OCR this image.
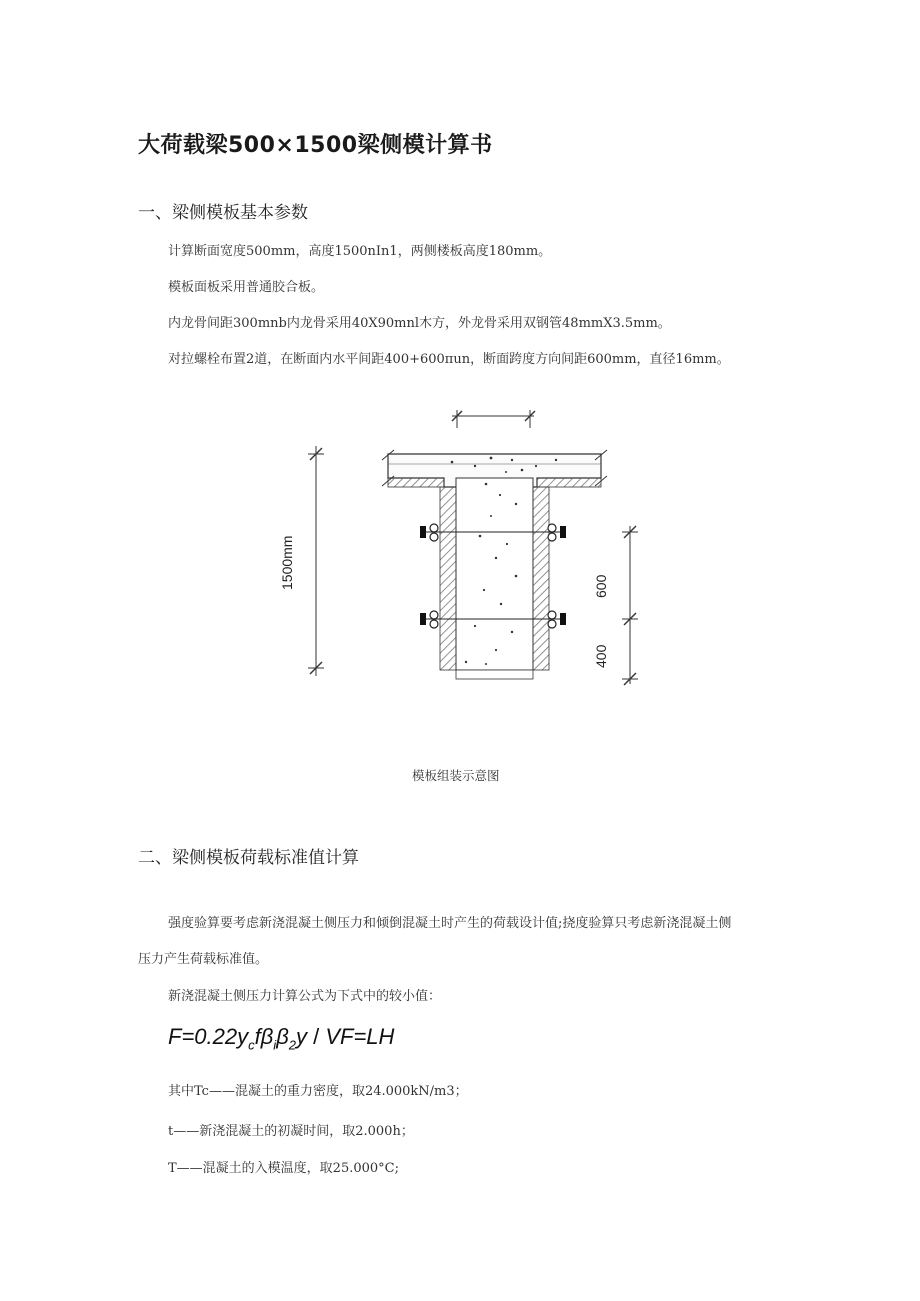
大荷载梁500×1500梁侧模计算书
一、梁侧模板基本参数
计算断面宽度500mm，高度1500nIn1，两侧楼板高度180mm。
模板面板采用普通胶合板。
内龙骨间距300mnb内龙骨采用40X90mnl木方，外龙骨采用双钢管48mmX3.5mm。
对拉螺栓布置2道，在断面内水平间距400+600πun，断面跨度方向间距600mm，直径16mm。
1500mm	600
400
模板组装示意图
二、梁侧模板荷载标准值计算
强度验算要考虑新浇混凝土侧压力和倾倒混凝土时产生的荷载设计值;挠度验算只考虑新浇混凝土侧
压力产生荷载标准值。
新浇混凝土侧压力计算公式为下式中的较小值：
$F=0.22y_cf\beta_i\beta_2y / VF=LH$
其中Tc——混凝土的重力密度，取24.000kN/m3；
t——新浇混凝土的初凝时间，取2.000h；
T——混凝土的入模温度，取25.000°C;
